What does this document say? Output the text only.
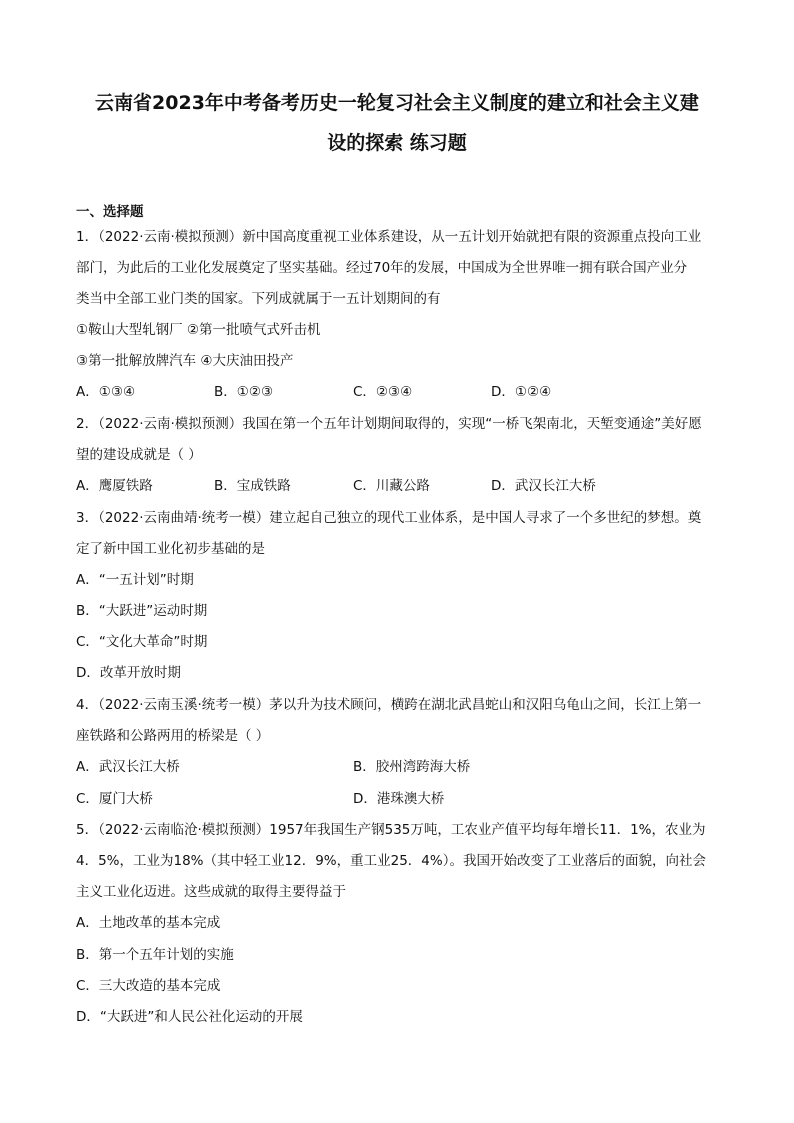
云南省2023年中考备考历史一轮复习社会主义制度的建立和社会主义建
设的探索 练习题
一、选择题
1．（2022·云南·模拟预测）新中国高度重视工业体系建设，从一五计划开始就把有限的资源重点投向工业
部门，为此后的工业化发展奠定了坚实基础。经过70年的发展，中国成为全世界唯一拥有联合国产业分
类当中全部工业门类的国家。下列成就属于一五计划期间的有
①鞍山大型轧钢厂 ②第一批喷气式歼击机
③第一批解放牌汽车 ④大庆油田投产
A．①③④	B．①②③	C．②③④	D．①②④
2．（2022·云南·模拟预测）我国在第一个五年计划期间取得的，实现“一桥飞架南北，天堑变通途”美好愿
望的建设成就是（ ）
A．鹰厦铁路	B．宝成铁路	C．川藏公路	D．武汉长江大桥
3．（2022·云南曲靖·统考一模）建立起自己独立的现代工业体系，是中国人寻求了一个多世纪的梦想。奠
定了新中国工业化初步基础的是
A．“一五计划”时期
B．“大跃进”运动时期
C．“文化大革命”时期
D．改革开放时期
4．（2022·云南玉溪·统考一模）茅以升为技术顾问，横跨在湖北武昌蛇山和汉阳乌龟山之间，长江上第一
座铁路和公路两用的桥梁是（ ）
A．武汉长江大桥	B．胶州湾跨海大桥
C．厦门大桥	D．港珠澳大桥
5．（2022·云南临沧·模拟预测）1957年我国生产钢535万吨，工农业产值平均每年增长11．1%，农业为
4．5%，工业为18%（其中轻工业12．9%，重工业25．4%）。我国开始改变了工业落后的面貌，向社会
主义工业化迈进。这些成就的取得主要得益于
A．土地改革的基本完成
B．第一个五年计划的实施
C．三大改造的基本完成
D．“大跃进”和人民公社化运动的开展
